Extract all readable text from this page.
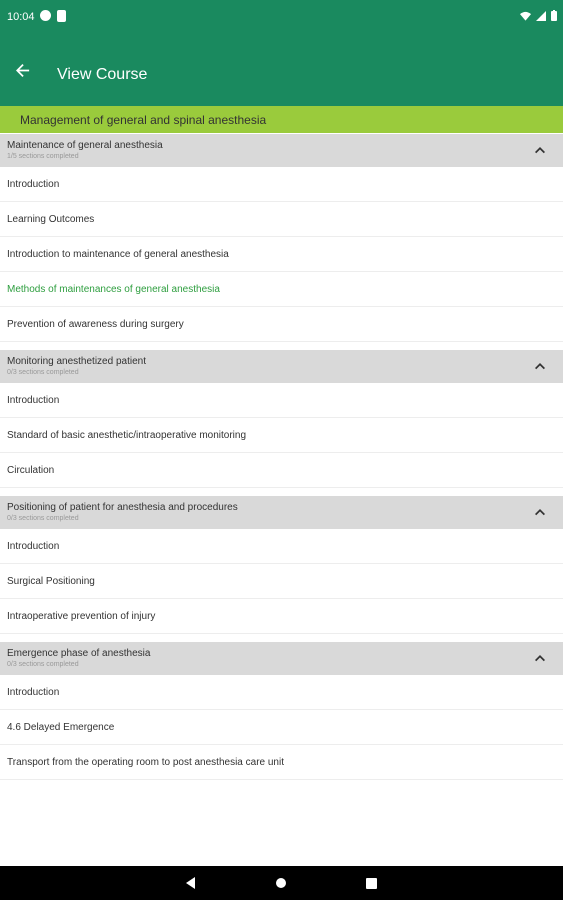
10:04
View Course
Management of general and spinal anesthesia
Maintenance of general anesthesia
1/5 sections completed
Introduction
Learning Outcomes
Introduction to maintenance of general anesthesia
Methods of maintenances of general anesthesia
Prevention of awareness during surgery
Monitoring anesthetized patient
0/3 sections completed
Introduction
Standard of basic anesthetic/intraoperative monitoring
Circulation
Positioning of patient for anesthesia and procedures
0/3 sections completed
Introduction
Surgical Positioning
Intraoperative prevention of injury
Emergence phase of anesthesia
0/3 sections completed
Introduction
4.6 Delayed Emergence
Transport from the operating room to post anesthesia care unit
